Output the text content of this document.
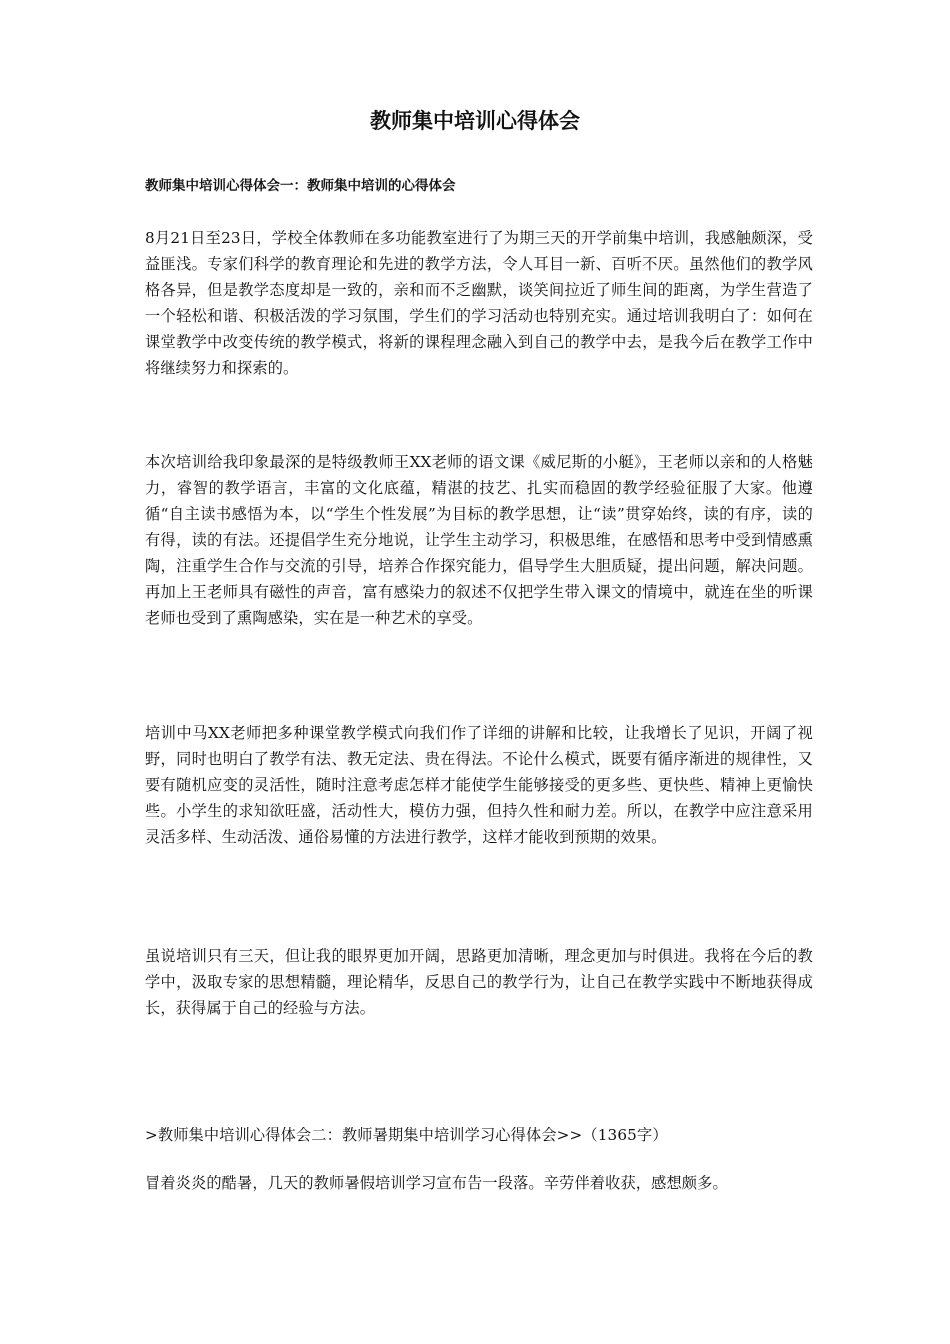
教师集中培训心得体会
教师集中培训心得体会一：教师集中培训的心得体会

8月21日至23日，学校全体教师在多功能教室进行了为期三天的开学前集中培训，我感触颇深，受益匪浅。专家们科学的教育理论和先进的教学方法，令人耳目一新、百听不厌。虽然他们的教学风格各异，但是教学态度却是一致的，亲和而不乏幽默，谈笑间拉近了师生间的距离，为学生营造了一个轻松和谐、积极活泼的学习氛围，学生们的学习活动也特别充实。通过培训我明白了：如何在课堂教学中改变传统的教学模式，将新的课程理念融入到自己的教学中去，是我今后在教学工作中将继续努力和探索的。

本次培训给我印象最深的是特级教师王XX老师的语文课《威尼斯的小艇》，王老师以亲和的人格魅力，睿智的教学语言，丰富的文化底蕴，精湛的技艺、扎实而稳固的教学经验征服了大家。他遵循“自主读书感悟为本，以“学生个性发展”为目标的教学思想，让“读”贯穿始终，读的有序，读的有得，读的有法。还提倡学生充分地说，让学生主动学习，积极思维，在感悟和思考中受到情感熏陶，注重学生合作与交流的引导，培养合作探究能力，倡导学生大胆质疑，提出问题，解决问题。再加上王老师具有磁性的声音，富有感染力的叙述不仅把学生带入课文的情境中，就连在坐的听课老师也受到了熏陶感染，实在是一种艺术的享受。

培训中马XX老师把多种课堂教学模式向我们作了详细的讲解和比较，让我增长了见识，开阔了视野，同时也明白了教学有法、教无定法、贵在得法。不论什么模式，既要有循序渐进的规律性，又要有随机应变的灵活性，随时注意考虑怎样才能使学生能够接受的更多些、更快些、精神上更愉快些。小学生的求知欲旺盛，活动性大，模仿力强，但持久性和耐力差。所以，在教学中应注意采用灵活多样、生动活泼、通俗易懂的方法进行教学，这样才能收到预期的效果。

虽说培训只有三天，但让我的眼界更加开阔，思路更加清晰，理念更加与时俱进。我将在今后的教学中，汲取专家的思想精髓，理论精华，反思自己的教学行为，让自己在教学实践中不断地获得成长，获得属于自己的经验与方法。

>教师集中培训心得体会二：教师暑期集中培训学习心得体会>>（1365字）

冒着炎炎的酷暑，几天的教师暑假培训学习宣布告一段落。辛劳伴着收获，感想颇多。
